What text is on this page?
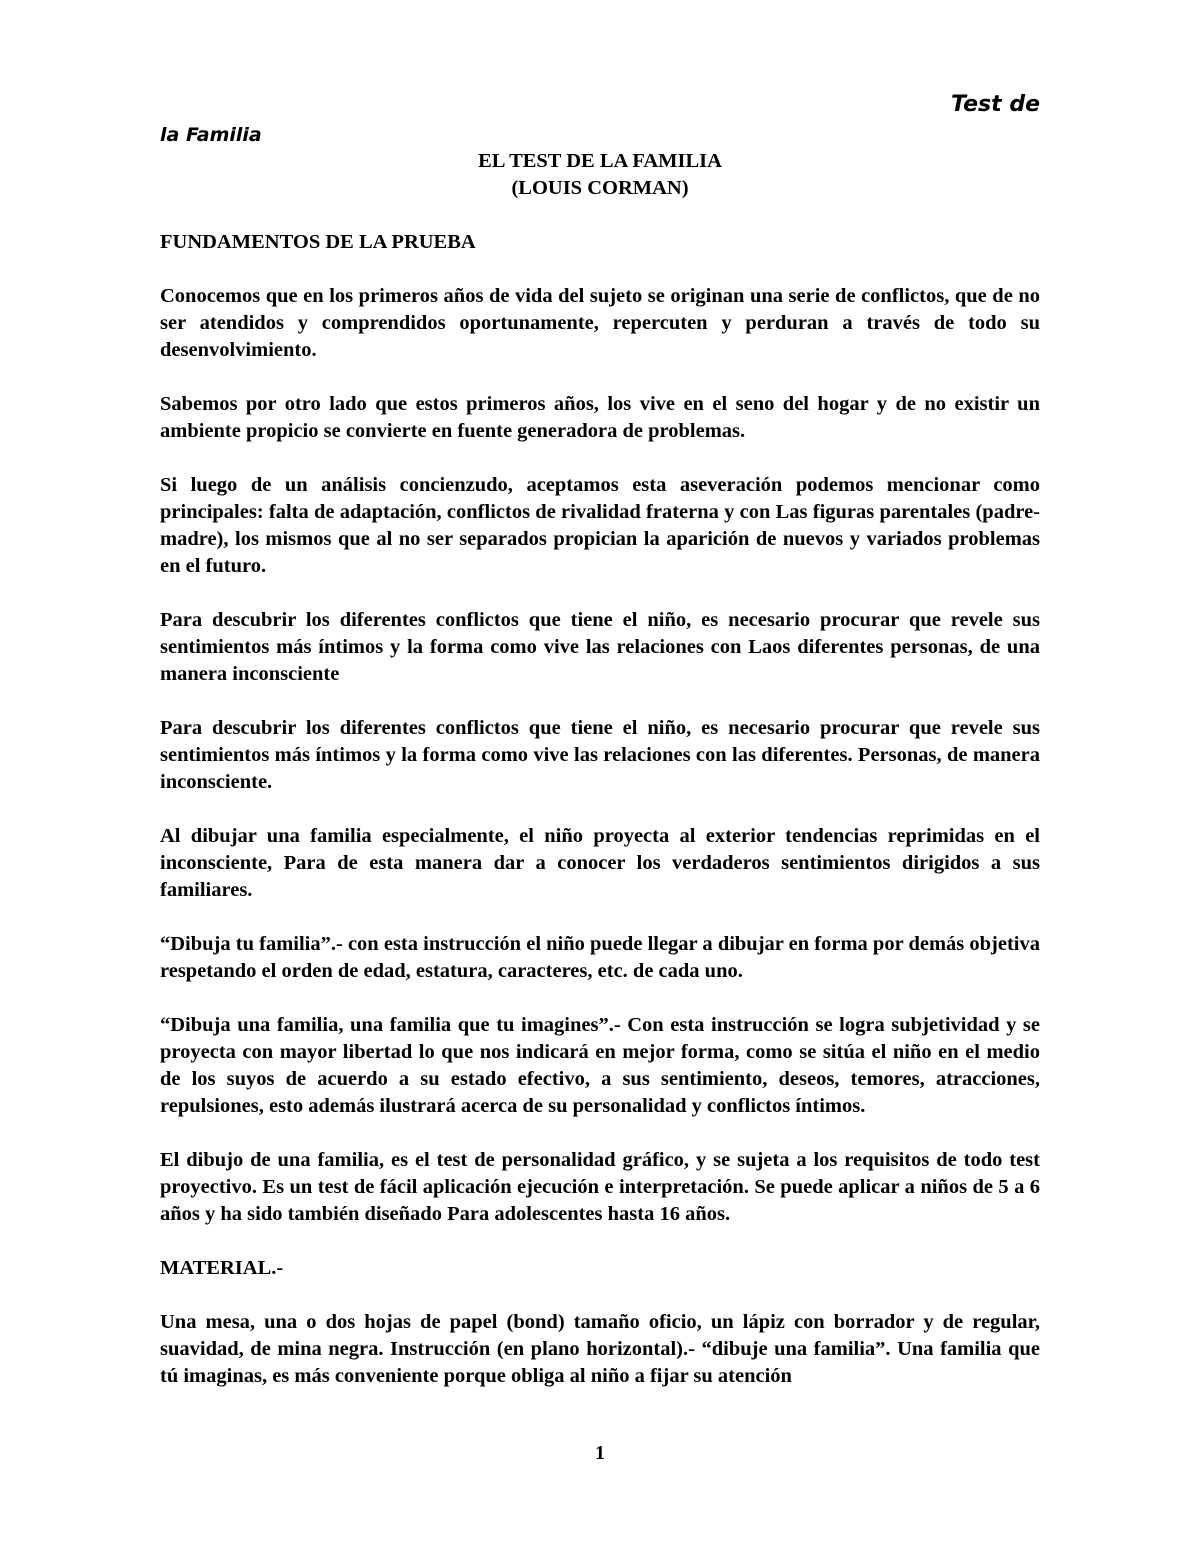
Test de
la Familia

EL TEST DE LA FAMILIA

(LOUIS CORMAN)

FUNDAMENTOS DE LA PRUEBA

Conocemos que en los primeros años de vida del sujeto se originan una serie de conflictos, que de no ser atendidos y comprendidos oportunamente, repercuten y perduran a través de todo su desenvolvimiento.

Sabemos por otro lado que estos primeros años, los vive en el seno del hogar y de no existir un ambiente propicio se convierte en fuente generadora de problemas.

Si luego de un análisis concienzudo, aceptamos esta aseveración podemos mencionar como principales: falta de adaptación, conflictos de rivalidad fraterna y con Las figuras parentales (padre- madre), los mismos que al no ser separados propician la aparición de nuevos y variados problemas en el futuro.

Para descubrir los diferentes conflictos que tiene el niño, es necesario procurar que revele sus sentimientos más íntimos y la forma como vive las relaciones con Laos diferentes personas, de una manera inconsciente

Para descubrir los diferentes conflictos que tiene el niño, es necesario procurar que revele sus sentimientos más íntimos y la forma como vive las relaciones con las diferentes. Personas, de manera inconsciente.

Al dibujar una familia especialmente, el niño proyecta al exterior tendencias reprimidas en el inconsciente, Para de esta manera dar a conocer los verdaderos sentimientos dirigidos a sus familiares.

“Dibuja tu familia”.- con esta instrucción el niño puede llegar a dibujar en forma por demás objetiva respetando el orden de edad, estatura, caracteres, etc. de cada uno.

“Dibuja una familia, una familia que tu imagines”.- Con esta instrucción se logra subjetividad y se proyecta con mayor libertad lo que nos indicará en mejor forma, como se sitúa el niño en el medio de los suyos de acuerdo a su estado efectivo, a sus sentimiento, deseos, temores, atracciones, repulsiones, esto además ilustrará acerca de su personalidad y conflictos íntimos.

El dibujo de una familia, es el test de personalidad gráfico, y se sujeta a los requisitos de todo test proyectivo. Es un test de fácil aplicación ejecución e interpretación. Se puede aplicar a niños de 5 a 6 años y ha sido también diseñado Para adolescentes hasta 16 años.

MATERIAL.-

Una mesa, una o dos hojas de papel (bond) tamaño oficio, un lápiz con borrador y de regular, suavidad, de mina negra. Instrucción (en plano horizontal).- “dibuje una familia”. Una familia que tú imaginas, es más conveniente porque obliga al niño a fijar su atención

1
